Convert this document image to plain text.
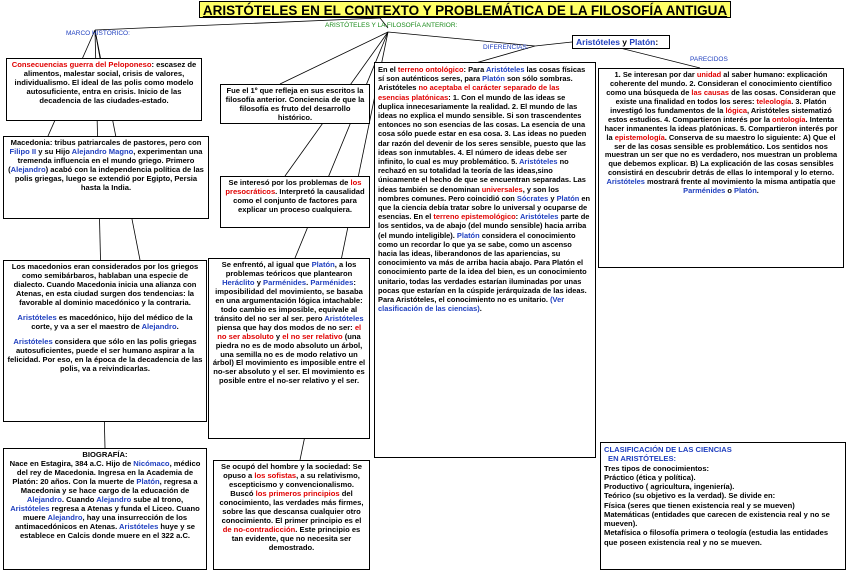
ARISTÓTELES EN EL CONTEXTO Y PROBLEMÁTICA DE LA FILOSOFÍA ANTIGUA
MARCO HISTÓRICO:
ARISTÓTELES Y LA FILOSOFÍA ANTERIOR:
DIFERENCIAS:
PARECIDOS
Aristóteles y Platón:
Consecuencias guerra del Peloponeso: escasez de alimentos, malestar social, crisis de valores, individualismo. El ideal de las polis como modelo autosuficiente, entra en crisis. Inicio de las decadencia de las ciudades-estado.
Macedonia: tribus patriarcales de pastores, pero con Filipo II y su Hijo Alejandro Magno, experimentan una tremenda influencia en el mundo griego. Primero (Alejandro) acabó con la independencia política de las polis griegas, luego se extendió por Egipto, Persia hasta la India.

Los macedonios eran considerados por los griegos como semibárbaros, hablaban una especie de dialecto. Cuando Macedonia inicia una alianza con Atenas, en esta ciudad surgen dos tendencias: la favorable al dominio macedónico y la contraria.

Aristóteles es macedónico, hijo del médico de la corte, y va a ser el maestro de Alejandro.

Aristóteles considera que sólo en las polis griegas autosuficientes, puede el ser humano aspirar a la felicidad. Por eso, en la época de la decadencia de las polis, va a reivindicarlas.

BIOGRAFÍA:

Nace en Estagira, 384 a.C. Hijo de Nicómaco, médico del rey de Macedonia. Ingresa en la Academia de Platón: 20 años. Con la muerte de Platón, regresa a Macedonia y se hace cargo de la educación de Alejandro. Cuando Alejandro sube al trono, Aristóteles regresa a Atenas y funda el Liceo. Cuano muere Alejandro, hay una insurrección de los antimacedónicos en Atenas. Aristóteles huye y se establece en Calcis donde muere en el 322 a.C.

Fue el 1º que refleja en sus escritos la filosofía anterior. Conciencia de que la filosofía es fruto del desarrollo histórico.
Se interesó por los problemas de los presocráticos. Interpretó la causalidad como el conjunto de factores para explicar un proceso cualquiera.
Se enfrentó, al igual que Platón, a los problemas teóricos que plantearon Heráclito y Parménides. Parménides: imposibilidad del movimiento, se basaba en una argumentación lógica intachable: todo cambio es imposible, equivale al tránsito del no ser al ser. pero Aristóteles piensa que hay dos modos de no ser: el no ser absoluto y el no ser relativo (una piedra no es de modo absoluto un árbol, una semilla no es de modo relativo un árbol) El movimiento es imposible entre el no-ser absoluto y el ser. El movimiento es posible entre el no-ser relativo y el ser.
Se ocupó del hombre y la sociedad: Se opuso a los sofistas, a su relativismo, escepticismo y convencionalismo. Buscó los primeros principios del conocimiento, las verdades más firmes, sobre las que descansa cualquier otro conocimiento. El primer principio es el de no-contradicción. Este principio es tan evidente, que no necesita ser demostrado.
En el terreno ontológico: Para Aristóteles las cosas físicas sí son auténticos seres, para Platón son sólo sombras. Aristóteles no aceptaba el carácter separado de las esencias platónicas: 1. Con el mundo de las ideas se duplica innecesariamente la realidad. 2. El mundo de las ideas no explica el mundo sensible. Si son trascendentes entonces no son esencias de las cosas. La esencia de una cosa sólo puede estar en esa cosa. 3. Las ideas no pueden dar razón del devenir de los seres sensible, puesto que las ideas son inmutables. 4. El número de ideas debe ser infinito, lo cual es muy problemático. 5. Aristóteles no rechazó en su totalidad la teoría de las ideas,sino únicamente el hecho de que se encuentran separadas. Las ideas también se denominan universales, y son los nombres comunes. Pero coincidió con Sócrates y Platón en que la ciencia debía tratar sobre lo universal y ocuparse de esencias. En el terreno epistemológico: Aristóteles parte de los sentidos, va de abajo (del mundo sensible) hacia arriba (el mundo inteligible). Platón considera el conocimiento como un recordar lo que ya se sabe, como un ascenso hacia las ideas, liberandonos de las apariencias, su conocimiento va más de arriba hacia abajo. Para Platón el conocimiento parte de la idea del bien, es un conocimiento unitario, todas las verdades estarían iluminadas por unas pocas que estarían en la cúspide jerárquizada de las ideas. Para Aristóteles, el conocimiento no es unitario. (Ver clasificación de las ciencias).
1. Se interesan por dar unidad al saber humano: explicación coherente del mundo. 2. Consideran el conocimiento científico como una búsqueda de las causas de las cosas. Consideran que existe una finalidad en todos los seres: teleología. 3. Platón investigó los fundamentos de la lógica, Aristóteles sistematizó estos estudios. 4. Compartieron interés por la ontología. Intenta hacer inmanentes la ideas platónicas. 5. Compartieron interés por la epistemología. Conserva de su maestro lo siguiente: A) Que el ser de las cosas sensible es problemático. Los sentidos nos muestran un ser que no es verdadero, nos muestran un problema que debemos explicar. B) La explicación de las cosas sensibles consistirá en descubrir detrás de ellas lo intemporal y lo eterno. Aristóteles mostrará frente al movimiento la misma antipatía que Parménides o Platón.

CLASIFICACIÓN DE LAS CIENCIAS

EN ARISTÓTELES:

Tres tipos de conocimientos:

Práctico (ética y política).

Productivo ( agricultura, ingeniería).

Teórico (su objetivo es la verdad). Se divide en:

Física (seres que tienen existencia real y se mueven)

Matemáticas (entidades que carecen de existencia real y no se mueven).

Metafísica o filosofía primera o teología (estudia las entidades que poseen existencia real y no se mueven.
